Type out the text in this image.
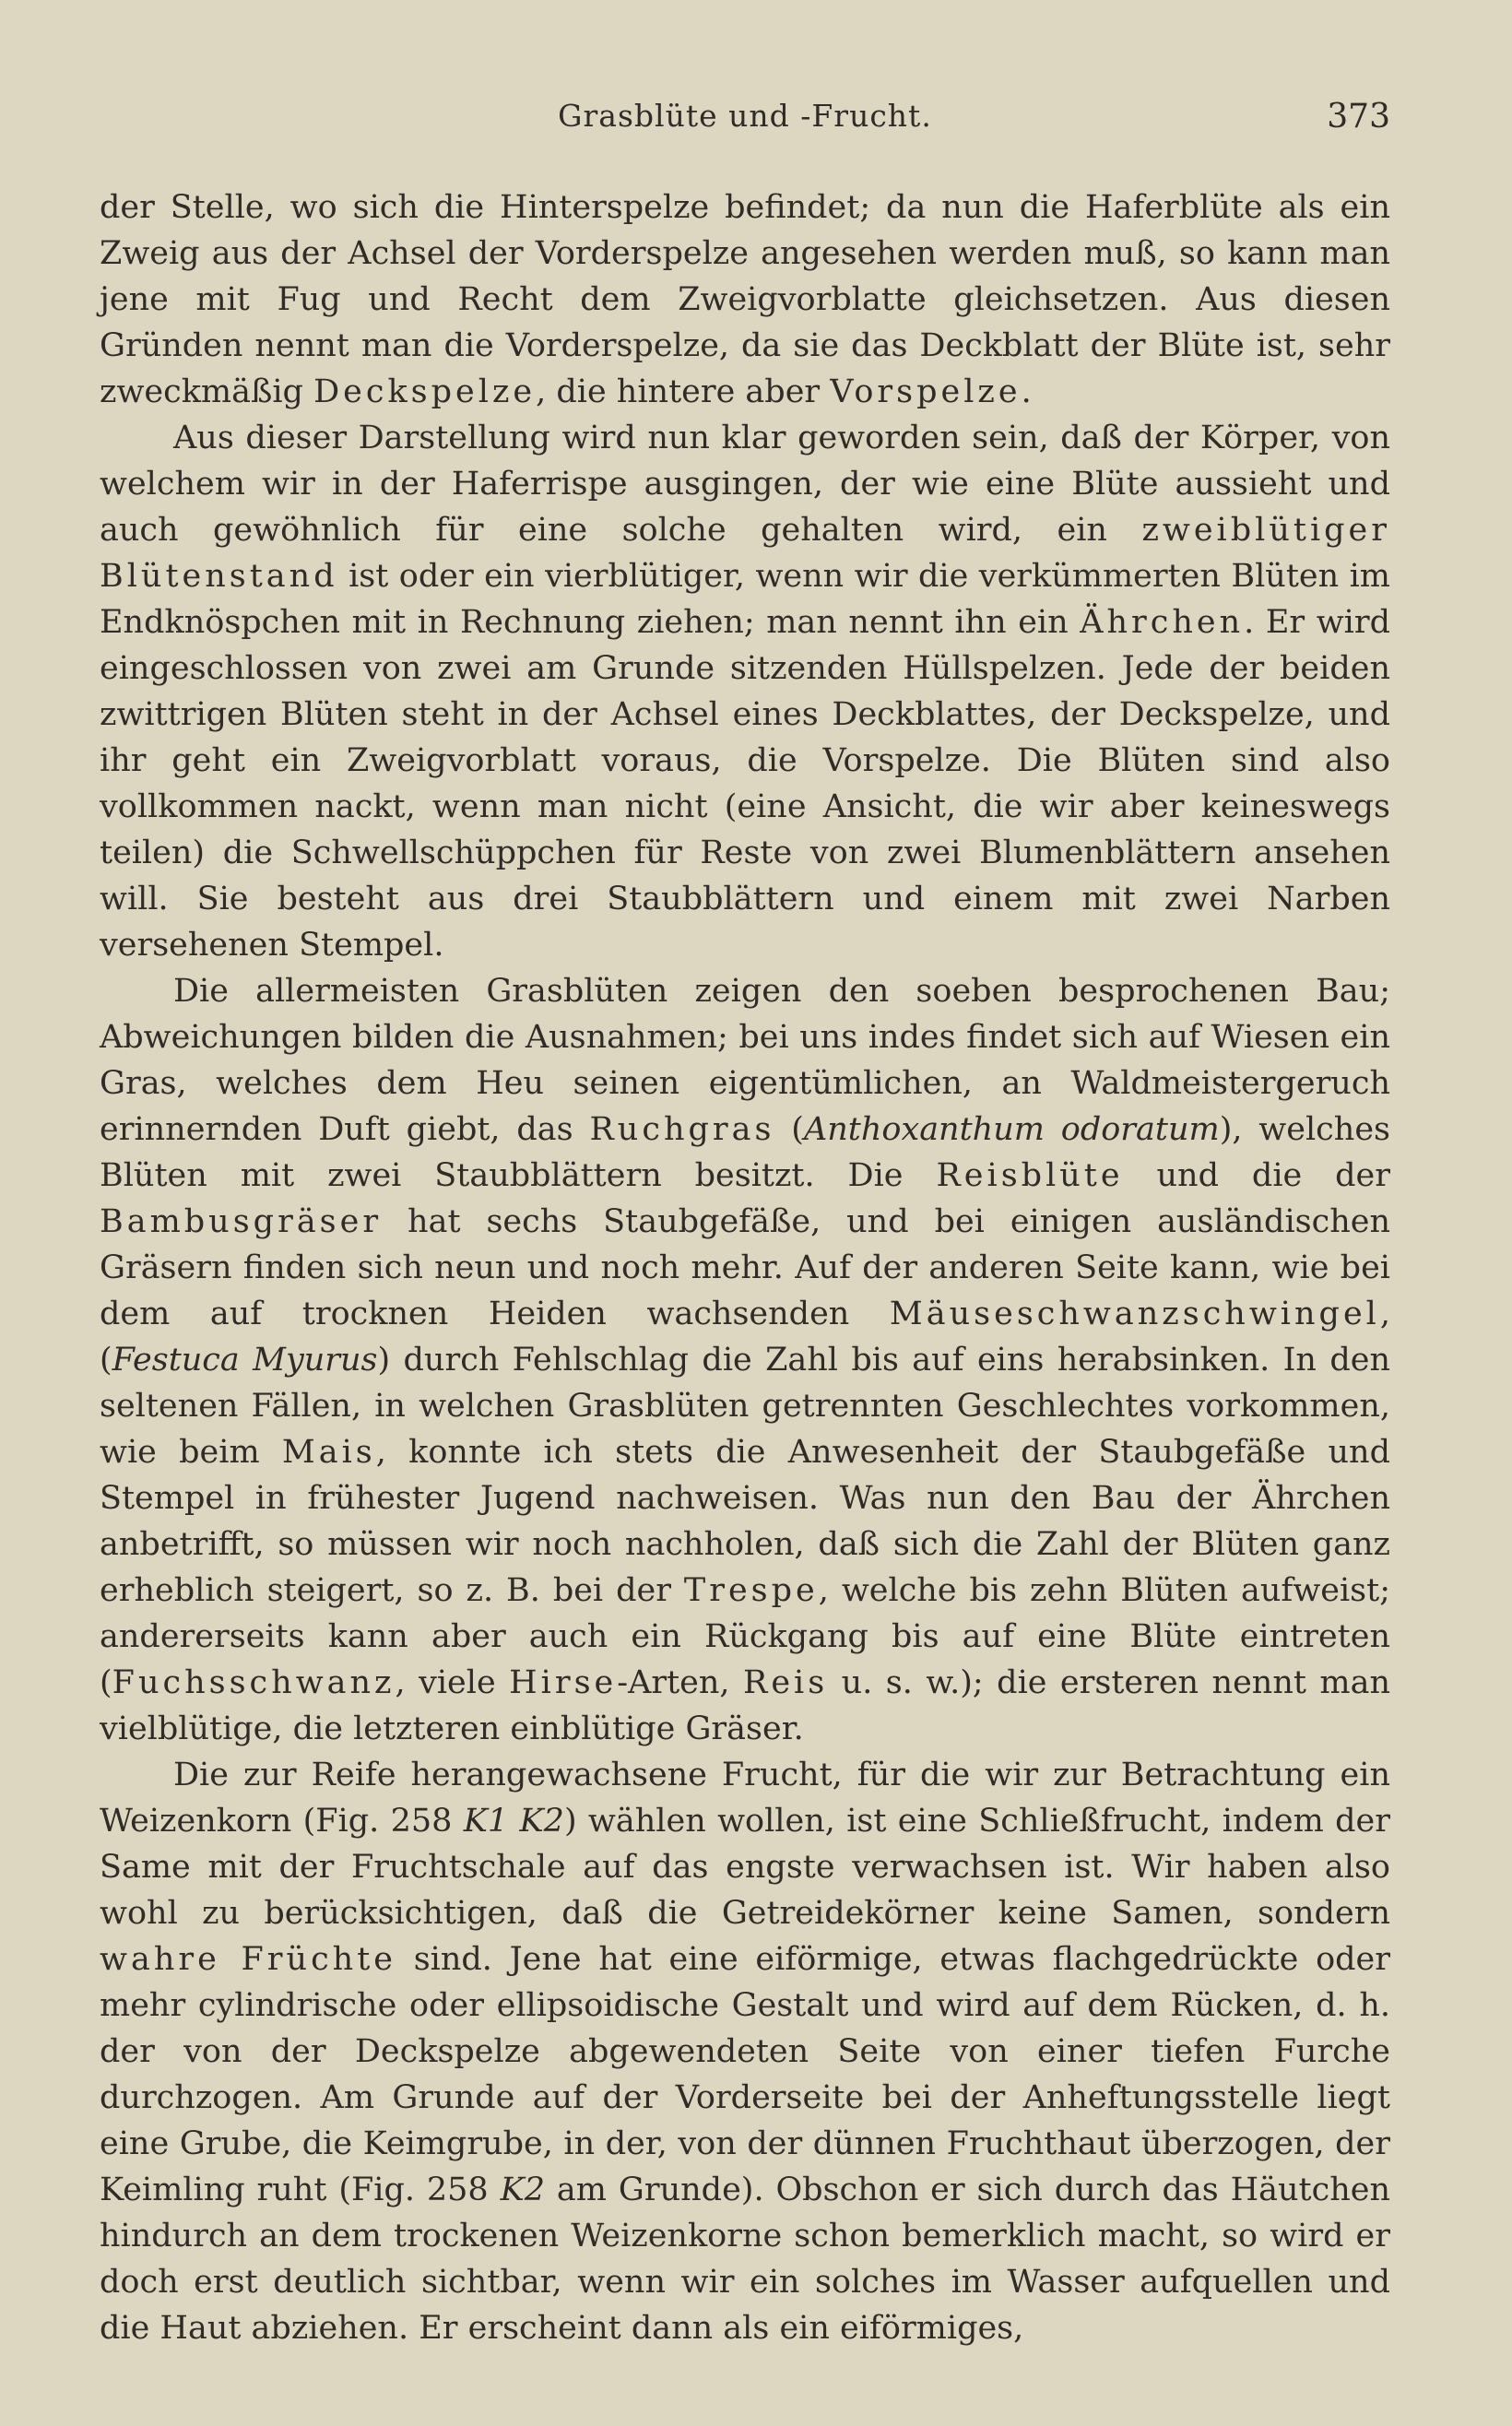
Grasblüte und -Frucht.	373

der Stelle, wo sich die Hinterspelze befindet; da nun die Haferblüte als ein Zweig aus der Achsel der Vorderspelze angesehen werden muß, so kann man jene mit Fug und Recht dem Zweigvorblatte gleichsetzen. Aus diesen Gründen nennt man die Vorderspelze, da sie das Deckblatt der Blüte ist, sehr zweckmäßig Deckspelze, die hintere aber Vorspelze.

Aus dieser Darstellung wird nun klar geworden sein, daß der Körper, von welchem wir in der Haferrispe ausgingen, der wie eine Blüte aussieht und auch gewöhnlich für eine solche gehalten wird, ein zweiblütiger Blütenstand ist oder ein vierblütiger, wenn wir die verkümmerten Blüten im Endknöspchen mit in Rechnung ziehen; man nennt ihn ein Ährchen. Er wird eingeschlossen von zwei am Grunde sitzenden Hüllspelzen. Jede der beiden zwittrigen Blüten steht in der Achsel eines Deckblattes, der Deckspelze, und ihr geht ein Zweigvorblatt voraus, die Vorspelze. Die Blüten sind also vollkommen nackt, wenn man nicht (eine Ansicht, die wir aber keineswegs teilen) die Schwellschüppchen für Reste von zwei Blumenblättern ansehen will. Sie besteht aus drei Staubblättern und einem mit zwei Narben versehenen Stempel.

Die allermeisten Grasblüten zeigen den soeben besprochenen Bau; Abweichungen bilden die Ausnahmen; bei uns indes findet sich auf Wiesen ein Gras, welches dem Heu seinen eigentümlichen, an Waldmeistergeruch erinnernden Duft giebt, das Ruchgras (Anthoxanthum odoratum), welches Blüten mit zwei Staubblättern besitzt. Die Reisblüte und die der Bambusgräser hat sechs Staubgefäße, und bei einigen ausländischen Gräsern finden sich neun und noch mehr. Auf der anderen Seite kann, wie bei dem auf trocknen Heiden wachsenden Mäuseschwanzschwingel, (Festuca Myurus) durch Fehlschlag die Zahl bis auf eins herabsinken. In den seltenen Fällen, in welchen Grasblüten getrennten Geschlechtes vorkommen, wie beim Mais, konnte ich stets die Anwesenheit der Staubgefäße und Stempel in frühester Jugend nachweisen. Was nun den Bau der Ährchen anbetrifft, so müssen wir noch nachholen, daß sich die Zahl der Blüten ganz erheblich steigert, so z. B. bei der Trespe, welche bis zehn Blüten aufweist; andererseits kann aber auch ein Rückgang bis auf eine Blüte eintreten (Fuchsschwanz, viele Hirse-Arten, Reis u. s. w.); die ersteren nennt man vielblütige, die letzteren einblütige Gräser.

Die zur Reife herangewachsene Frucht, für die wir zur Betrachtung ein Weizenkorn (Fig. 258 K1 K2) wählen wollen, ist eine Schließfrucht, indem der Same mit der Fruchtschale auf das engste verwachsen ist. Wir haben also wohl zu berücksichtigen, daß die Getreidekörner keine Samen, sondern wahre Früchte sind. Jene hat eine eiförmige, etwas flachgedrückte oder mehr cylindrische oder ellipsoidische Gestalt und wird auf dem Rücken, d. h. der von der Deckspelze abgewendeten Seite von einer tiefen Furche durchzogen. Am Grunde auf der Vorderseite bei der Anheftungsstelle liegt eine Grube, die Keimgrube, in der, von der dünnen Fruchthaut überzogen, der Keimling ruht (Fig. 258 K2 am Grunde). Obschon er sich durch das Häutchen hindurch an dem trockenen Weizenkorne schon bemerklich macht, so wird er doch erst deutlich sichtbar, wenn wir ein solches im Wasser aufquellen und die Haut abziehen. Er erscheint dann als ein eiförmiges,
